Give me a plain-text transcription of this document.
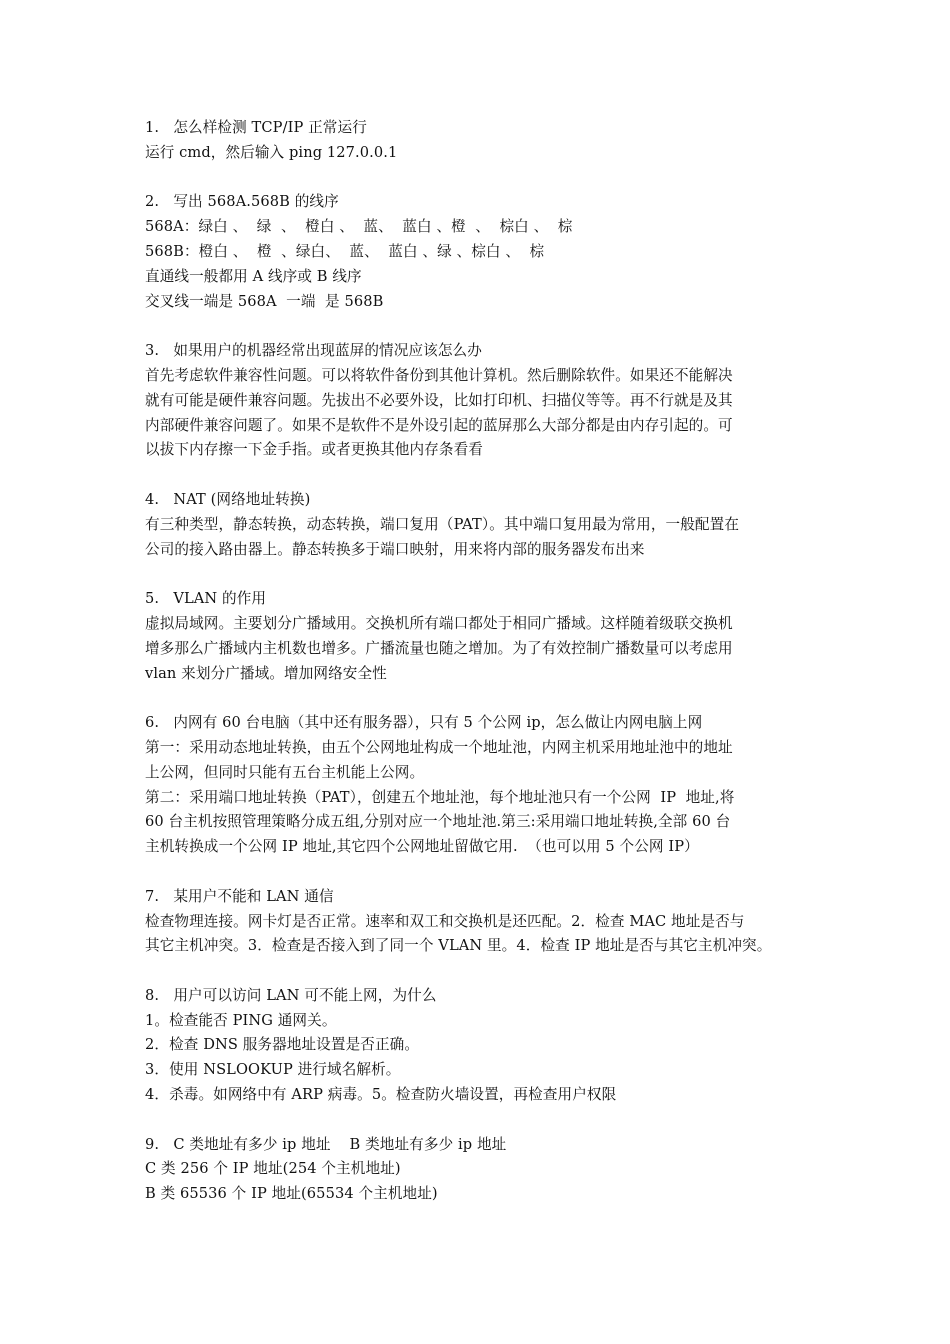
1.   怎么样检测 TCP/IP 正常运行
运行 cmd，然后输入 ping 127.0.0.1
2.   写出 568A.568B 的线序
568A：绿白 、  绿  、  橙白 、  蓝、  蓝白 、橙  、  棕白 、  棕
568B：橙白 、  橙  、绿白、  蓝、  蓝白 、绿 、棕白 、  棕
直通线一般都用 A 线序或 B 线序
交叉线一端是 568A  一端  是 568B
3.   如果用户的机器经常出现蓝屏的情况应该怎么办
首先考虑软件兼容性问题。可以将软件备份到其他计算机。然后删除软件。如果还不能解决
就有可能是硬件兼容问题。先拔出不必要外设，比如打印机、扫描仪等等。再不行就是及其
内部硬件兼容问题了。如果不是软件不是外设引起的蓝屏那么大部分都是由内存引起的。可
以拔下内存擦一下金手指。或者更换其他内存条看看
4.   NAT (网络地址转换)
有三种类型，静态转换，动态转换，端口复用（PAT）。其中端口复用最为常用，一般配置在
公司的接入路由器上。静态转换多于端口映射，用来将内部的服务器发布出来
5.   VLAN 的作用
虚拟局域网。主要划分广播域用。交换机所有端口都处于相同广播域。这样随着级联交换机
增多那么广播域内主机数也增多。广播流量也随之增加。为了有效控制广播数量可以考虑用
vlan 来划分广播域。增加网络安全性
6.   内网有 60 台电脑（其中还有服务器），只有 5 个公网 ip，怎么做让内网电脑上网
第一：采用动态地址转换，由五个公网地址构成一个地址池，内网主机采用地址池中的地址
上公网，但同时只能有五台主机能上公网。
第二：采用端口地址转换（PAT），创建五个地址池，每个地址池只有一个公网  IP  地址,将
60 台主机按照管理策略分成五组,分别对应一个地址池.第三:采用端口地址转换,全部 60 台
主机转换成一个公网 IP 地址,其它四个公网地址留做它用.  （也可以用 5 个公网 IP）
7.   某用户不能和 LAN 通信
检查物理连接。网卡灯是否正常。速率和双工和交换机是还匹配。2．检查 MAC 地址是否与
其它主机冲突。3．检查是否接入到了同一个 VLAN 里。4．检查 IP 地址是否与其它主机冲突。
8.   用户可以访问 LAN 可不能上网，为什么
1。检查能否 PING 通网关。
2．检查 DNS 服务器地址设置是否正确。
3．使用 NSLOOKUP 进行域名解析。
4．杀毒。如网络中有 ARP 病毒。5。检查防火墙设置，再检查用户权限
9.   C 类地址有多少 ip 地址    B 类地址有多少 ip 地址
C 类 256 个 IP 地址(254 个主机地址)
B 类 65536 个 IP 地址(65534 个主机地址)
